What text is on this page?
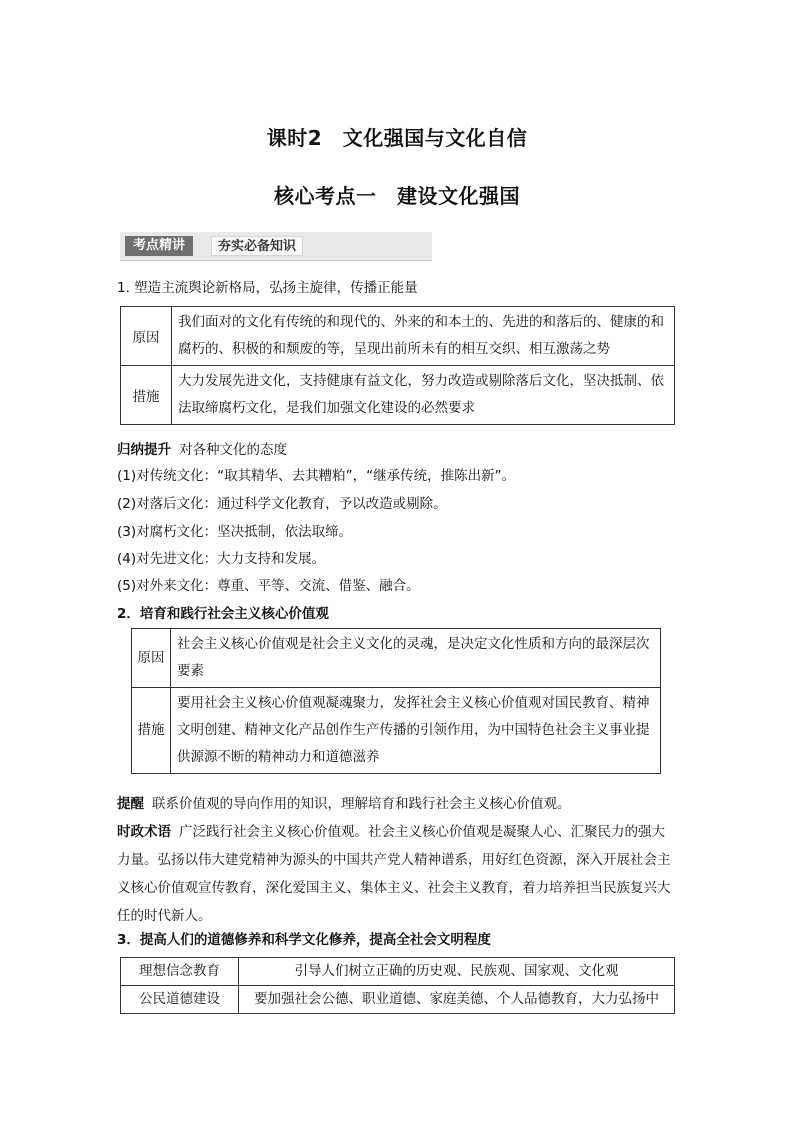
课时2　文化强国与文化自信
核心考点一　建设文化强国
考点精讲	夯实必备知识
1. 塑造主流舆论新格局，弘扬主旋律，传播正能量
原因	我们面对的文化有传统的和现代的、外来的和本土的、先进的和落后的、健康的和腐朽的、积极的和颓废的等，呈现出前所未有的相互交织、相互激荡之势
措施	大力发展先进文化，支持健康有益文化，努力改造或剔除落后文化，坚决抵制、依法取缔腐朽文化，是我们加强文化建设的必然要求
归纳提升 对各种文化的态度
(1)对传统文化：“取其精华、去其糟粕”，“继承传统，推陈出新”。
(2)对落后文化：通过科学文化教育，予以改造或剔除。
(3)对腐朽文化：坚决抵制，依法取缔。
(4)对先进文化：大力支持和发展。
(5)对外来文化：尊重、平等、交流、借鉴、融合。
2．培育和践行社会主义核心价值观
原因	社会主义核心价值观是社会主义文化的灵魂，是决定文化性质和方向的最深层次要素
措施	要用社会主义核心价值观凝魂聚力，发挥社会主义核心价值观对国民教育、精神文明创建、精神文化产品创作生产传播的引领作用，为中国特色社会主义事业提供源源不断的精神动力和道德滋养
提醒 联系价值观的导向作用的知识，理解培育和践行社会主义核心价值观。
时政术语 广泛践行社会主义核心价值观。社会主义核心价值观是凝聚人心、汇聚民力的强大力量。弘扬以伟大建党精神为源头的中国共产党人精神谱系，用好红色资源，深入开展社会主义核心价值观宣传教育，深化爱国主义、集体主义、社会主义教育，着力培养担当民族复兴大任的时代新人。
3．提高人们的道德修养和科学文化修养，提高全社会文明程度
理想信念教育	引导人们树立正确的历史观、民族观、国家观、文化观
公民道德建设	要加强社会公德、职业道德、家庭美德、个人品德教育，大力弘扬中
